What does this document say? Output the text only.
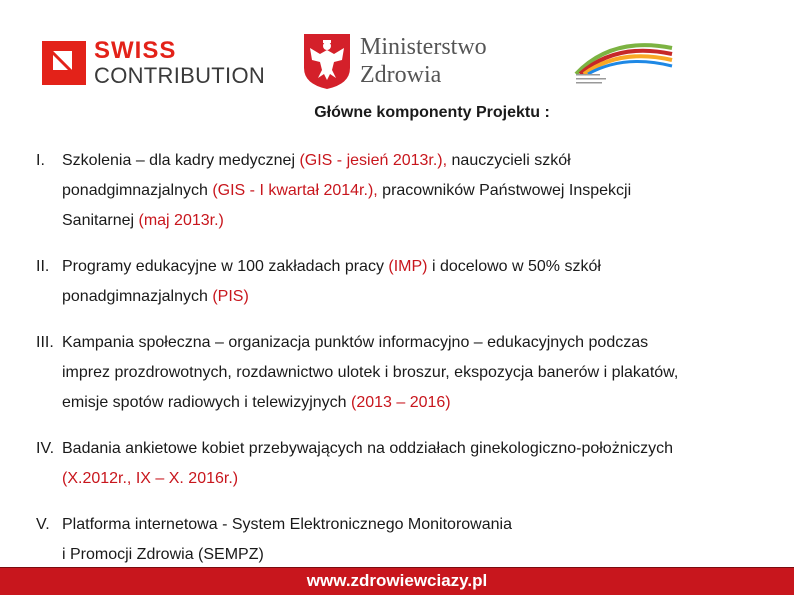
SWISS
CONTRIBUTION
Ministerstwo
Zdrowia
Główne komponenty Projektu :
I.	Szkolenia – dla kadry medycznej (GIS - jesień 2013r.), nauczycieli szkół
ponadgimnazjalnych (GIS - I kwartał 2014r.), pracowników Państwowej Inspekcji
Sanitarnej (maj 2013r.)
II. Programy edukacyjne w 100 zakładach pracy (IMP) i docelowo w 50% szkół
ponadgimnazjalnych (PIS)
III. Kampania społeczna – organizacja punktów informacyjno – edukacyjnych podczas
imprez prozdrowotnych, rozdawnictwo ulotek i broszur, ekspozycja banerów i plakatów,
emisje spotów radiowych i telewizyjnych (2013 – 2016)
IV. Badania ankietowe kobiet przebywających na oddziałach ginekologiczno-położniczych
(X.2012r., IX – X. 2016r.)
V. Platforma internetowa - System Elektronicznego Monitorowania
i Promocji Zdrowia (SEMPZ)
www.zdrowiewciazy.pl
